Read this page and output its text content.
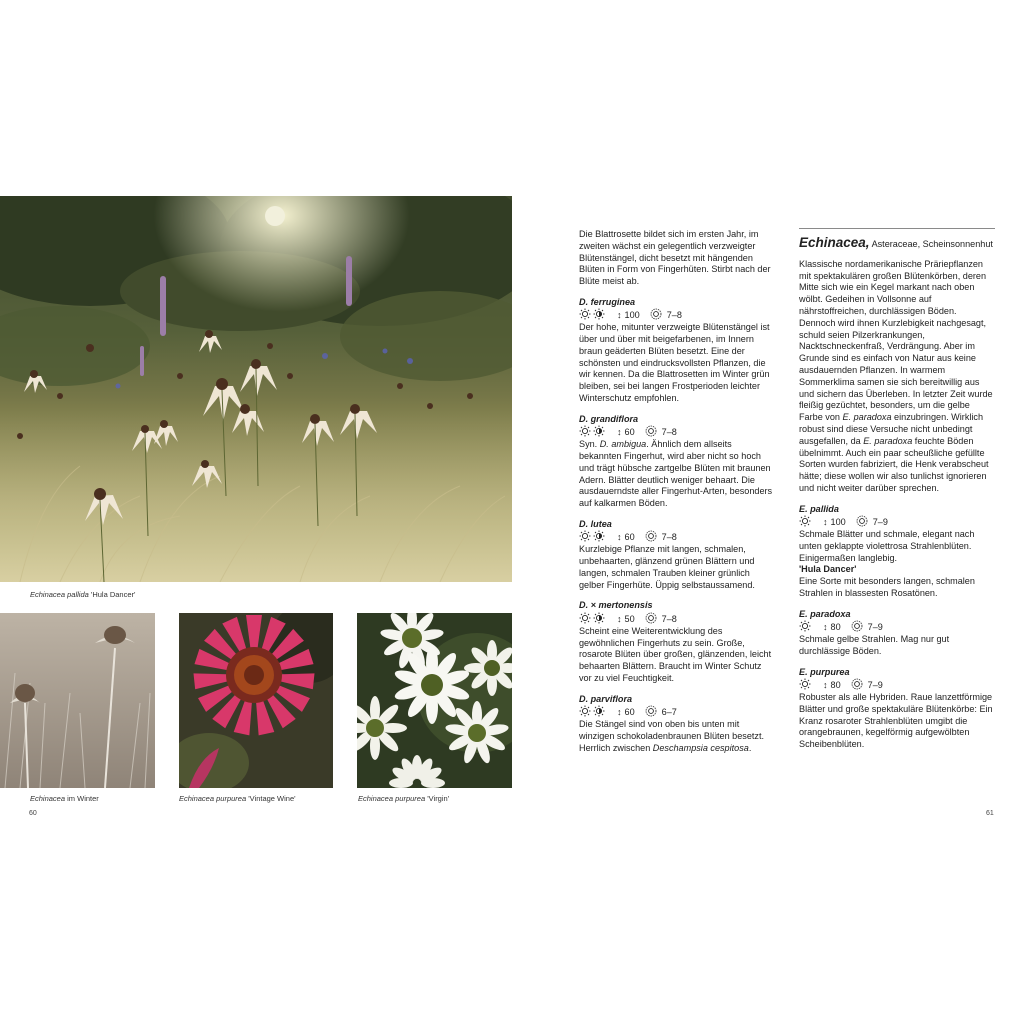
Echinacea pallida 'Hula Dancer'
Echinacea im Winter	Echinacea purpurea 'Vintage Wine'	Echinacea purpurea 'Virgin'
60

Die Blattrosette bildet sich im ersten Jahr, im zweiten wächst ein gelegentlich verzweigter Blütenstängel, dicht besetzt mit hängenden Blüten in Form von Fingerhüten. Stirbt nach der Blüte meist ab.

D. ferruginea
↕ 100	7–8

Der hohe, mitunter verzweigte Blütenstängel ist über und über mit beigefarbenen, im Innern braun geäderten Blüten besetzt. Eine der schönsten und eindrucksvollsten Pflanzen, die wir kennen. Da die Blattrosetten im Winter grün bleiben, sei bei langen Frostperioden leichter Winterschutz empfohlen.

D. grandiflora
↕ 60	7–8

Syn. D. ambigua. Ähnlich dem allseits bekannten Fingerhut, wird aber nicht so hoch und trägt hübsche zartgelbe Blüten mit braunen Adern. Blätter deutlich weniger behaart. Die ausdauerndste aller Fingerhut-Arten, besonders auf kalkarmen Böden.

D. lutea
↕ 60	7–8

Kurzlebige Pflanze mit langen, schmalen, unbehaarten, glänzend grünen Blättern und langen, schmalen Trauben kleiner grünlich gelber Fingerhüte. Üppig selbstaussamend.

D. × mertonensis
↕ 50	7–8

Scheint eine Weiterentwicklung des gewöhnlichen Fingerhuts zu sein. Große, rosarote Blüten über großen, glänzenden, leicht behaarten Blättern. Braucht im Winter Schutz vor zu viel Feuchtigkeit.

D. parviflora
↕ 60	6–7

Die Stängel sind von oben bis unten mit winzigen schokoladenbraunen Blüten besetzt. Herrlich zwischen Deschampsia cespitosa.

Echinacea, Asteraceae, Scheinsonnenhut

Klassische nordamerikanische Präriepflanzen mit spektakulären großen Blütenkörben, deren Mitte sich wie ein Kegel markant nach oben wölbt. Gedeihen in Vollsonne auf nährstoffreichen, durchlässigen Böden. Dennoch wird ihnen Kurzlebigkeit nachgesagt, schuld seien Pilzerkrankungen, Nacktschneckenfraß, Verdrängung. Aber im Grunde sind es einfach von Natur aus keine ausdauernden Pflanzen. In warmem Sommerklima samen sie sich bereitwillig aus und sichern das Überleben. In letzter Zeit wurde fleißig gezüchtet, besonders, um die gelbe Farbe von E. paradoxa einzubringen. Wirklich robust sind diese Versuche nicht unbedingt ausgefallen, da E. paradoxa feuchte Böden übelnimmt. Auch ein paar scheußliche gefüllte Sorten wurden fabriziert, die Henk verabscheut hätte; diese wollen wir also tunlichst ignorieren und nicht weiter darüber sprechen.

E. pallida
↕ 100	7–9

Schmale Blätter und schmale, elegant nach unten geklappte violettrosa Strahlenblüten. Einigermaßen langlebig.

'Hula Dancer'

Eine Sorte mit besonders langen, schmalen Strahlen in blassesten Rosatönen.

E. paradoxa
↕ 80	7–9

Schmale gelbe Strahlen. Mag nur gut durchlässige Böden.

E. purpurea
↕ 80	7–9

Robuster als alle Hybriden. Raue lanzettförmige Blätter und große spektakuläre Blütenkörbe: Ein Kranz rosaroter Strahlenblüten umgibt die orangebraunen, kegelförmig aufgewölbten Scheibenblüten.

61
